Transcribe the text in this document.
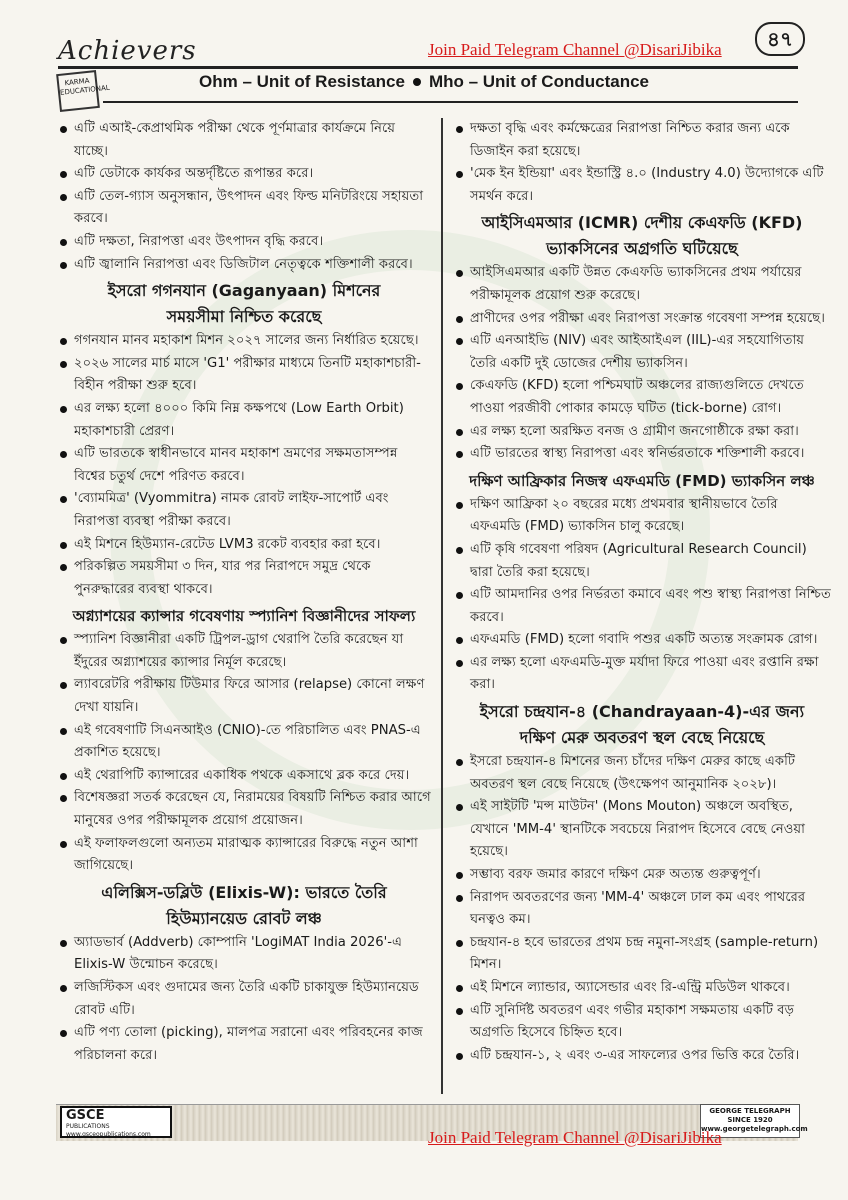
Achievers	Join Paid Telegram Channel @DisariJibika	৪৭
KARMA EDUCATIONAL	Ohm – Unit of Resistance Mho – Unit of Conductance

এটি এআই-কেপ্রাথমিক পরীক্ষা থেকে পূর্ণমাত্রার কার্যক্রমে নিয়ে যাচ্ছে।

এটি ডেটাকে কার্যকর অন্তর্দৃষ্টিতে রূপান্তর করে।

এটি তেল-গ্যাস অনুসন্ধান, উৎপাদন এবং ফিল্ড মনিটরিংয়ে সহায়তা করবে।

এটি দক্ষতা, নিরাপত্তা এবং উৎপাদন বৃদ্ধি করবে।

এটি জ্বালানি নিরাপত্তা এবং ডিজিটাল নেতৃত্বকে শক্তিশালী করবে।

ইসরো গগনযান (Gaganyaan) মিশনের
সময়সীমা নিশ্চিত করেছে

গগনযান মানব মহাকাশ মিশন ২০২৭ সালের জন্য নির্ধারিত হয়েছে।

২০২৬ সালের মার্চ মাসে 'G1' পরীক্ষার মাধ্যমে তিনটি মহাকাশচারী-বিহীন পরীক্ষা শুরু হবে।

এর লক্ষ্য হলো ৪০০০ কিমি নিম্ন কক্ষপথে (Low Earth Orbit) মহাকাশচারী প্রেরণ।

এটি ভারতকে স্বাধীনভাবে মানব মহাকাশ ভ্রমণের সক্ষমতাসম্পন্ন বিশ্বের চতুর্থ দেশে পরিণত করবে।

'ব্যোমমিত্র' (Vyommitra) নামক রোবট লাইফ-সাপোর্ট এবং নিরাপত্তা ব্যবস্থা পরীক্ষা করবে।

এই মিশনে হিউম্যান-রেটেড LVM3 রকেট ব্যবহার করা হবে।

পরিকল্পিত সময়সীমা ৩ দিন, যার পর নিরাপদে সমুদ্র থেকে পুনরুদ্ধারের ব্যবস্থা থাকবে।

অগ্ন্যাশয়ের ক্যান্সার গবেষণায় স্প্যানিশ বিজ্ঞানীদের সাফল্য

স্প্যানিশ বিজ্ঞানীরা একটি ট্রিপল-ড্রাগ থেরাপি তৈরি করেছেন যা ইঁদুরের অগ্ন্যাশয়ের ক্যান্সার নির্মূল করেছে।

ল্যাবরেটরি পরীক্ষায় টিউমার ফিরে আসার (relapse) কোনো লক্ষণ দেখা যায়নি।

এই গবেষণাটি সিএনআইও (CNIO)-তে পরিচালিত এবং PNAS-এ প্রকাশিত হয়েছে।

এই থেরাপিটি ক্যান্সারের একাধিক পথকে একসাথে ব্লক করে দেয়।

বিশেষজ্ঞরা সতর্ক করেছেন যে, নিরাময়ের বিষয়টি নিশ্চিত করার আগে মানুষের ওপর পরীক্ষামূলক প্রয়োগ প্রয়োজন।

এই ফলাফলগুলো অন্যতম মারাত্মক ক্যান্সারের বিরুদ্ধে নতুন আশা জাগিয়েছে।

এলিক্সিস-ডব্লিউ (Elixis-W): ভারতে তৈরি
হিউম্যানয়েড রোবট লঞ্চ

অ্যাডভার্ব (Addverb) কোম্পানি 'LogiMAT India 2026'-এ Elixis-W উন্মোচন করেছে।

লজিস্টিকস এবং গুদামের জন্য তৈরি একটি চাকাযুক্ত হিউম্যানয়েড রোবট এটি।

এটি পণ্য তোলা (picking), মালপত্র সরানো এবং পরিবহনের কাজ পরিচালনা করে।

দক্ষতা বৃদ্ধি এবং কর্মক্ষেত্রের নিরাপত্তা নিশ্চিত করার জন্য একে ডিজাইন করা হয়েছে।

'মেক ইন ইন্ডিয়া' এবং ইন্ডাস্ট্রি ৪.০ (Industry 4.0) উদ্যোগকে এটি সমর্থন করে।

আইসিএমআর (ICMR) দেশীয় কেএফডি (KFD)
ভ্যাকসিনের অগ্রগতি ঘটিয়েছে

আইসিএমআর একটি উন্নত কেএফডি ভ্যাকসিনের প্রথম পর্যায়ের পরীক্ষামূলক প্রয়োগ শুরু করেছে।

প্রাণীদের ওপর পরীক্ষা এবং নিরাপত্তা সংক্রান্ত গবেষণা সম্পন্ন হয়েছে।

এটি এনআইভি (NIV) এবং আইআইএল (IIL)-এর সহযোগিতায় তৈরি একটি দুই ডোজের দেশীয় ভ্যাকসিন।

কেএফডি (KFD) হলো পশ্চিমঘাট অঞ্চলের রাজ্যগুলিতে দেখতে পাওয়া পরজীবী পোকার কামড়ে ঘটিত (tick-borne) রোগ।

এর লক্ষ্য হলো অরক্ষিত বনজ ও গ্রামীণ জনগোষ্ঠীকে রক্ষা করা।

এটি ভারতের স্বাস্থ্য নিরাপত্তা এবং স্বনির্ভরতাকে শক্তিশালী করবে।

দক্ষিণ আফ্রিকার নিজস্ব এফএমডি (FMD) ভ্যাকসিন লঞ্চ

দক্ষিণ আফ্রিকা ২০ বছরের মধ্যে প্রথমবার স্থানীয়ভাবে তৈরি এফএমডি (FMD) ভ্যাকসিন চালু করেছে।

এটি কৃষি গবেষণা পরিষদ (Agricultural Research Council) দ্বারা তৈরি করা হয়েছে।

এটি আমদানির ওপর নির্ভরতা কমাবে এবং পশু স্বাস্থ্য নিরাপত্তা নিশ্চিত করবে।

এফএমডি (FMD) হলো গবাদি পশুর একটি অত্যন্ত সংক্রামক রোগ।

এর লক্ষ্য হলো এফএমডি-মুক্ত মর্যাদা ফিরে পাওয়া এবং রপ্তানি রক্ষা করা।

ইসরো চন্দ্রযান-৪ (Chandrayaan-4)-এর জন্য
দক্ষিণ মেরু অবতরণ স্থল বেছে নিয়েছে

ইসরো চন্দ্রযান-৪ মিশনের জন্য চাঁদের দক্ষিণ মেরুর কাছে একটি অবতরণ স্থল বেছে নিয়েছে (উৎক্ষেপণ আনুমানিক ২০২৮)।

এই সাইটটি 'মন্স মাউটন' (Mons Mouton) অঞ্চলে অবস্থিত, যেখানে 'MM-4' স্থানটিকে সবচেয়ে নিরাপদ হিসেবে বেছে নেওয়া হয়েছে।

সম্ভাব্য বরফ জমার কারণে দক্ষিণ মেরু অত্যন্ত গুরুত্বপূর্ণ।

নিরাপদ অবতরণের জন্য 'MM-4' অঞ্চলে ঢাল কম এবং পাথরের ঘনত্বও কম।

চন্দ্রযান-৪ হবে ভারতের প্রথম চন্দ্র নমুনা-সংগ্রহ (sample-return) মিশন।

এই মিশনে ল্যান্ডার, অ্যাসেন্ডার এবং রি-এন্ট্রি মডিউল থাকবে।

এটি সুনির্দিষ্ট অবতরণ এবং গভীর মহাকাশ সক্ষমতায় একটি বড় অগ্রগতি হিসেবে চিহ্নিত হবে।

এটি চন্দ্রযান-১, ২ এবং ৩-এর সাফল্যের ওপর ভিত্তি করে তৈরি।

GSCE
PUBLICATIONS
www.gsceopublications.com
GEORGE TELEGRAPH
SINCE 1920
www.georgetelegraph.com
Join Paid Telegram Channel @DisariJibika
